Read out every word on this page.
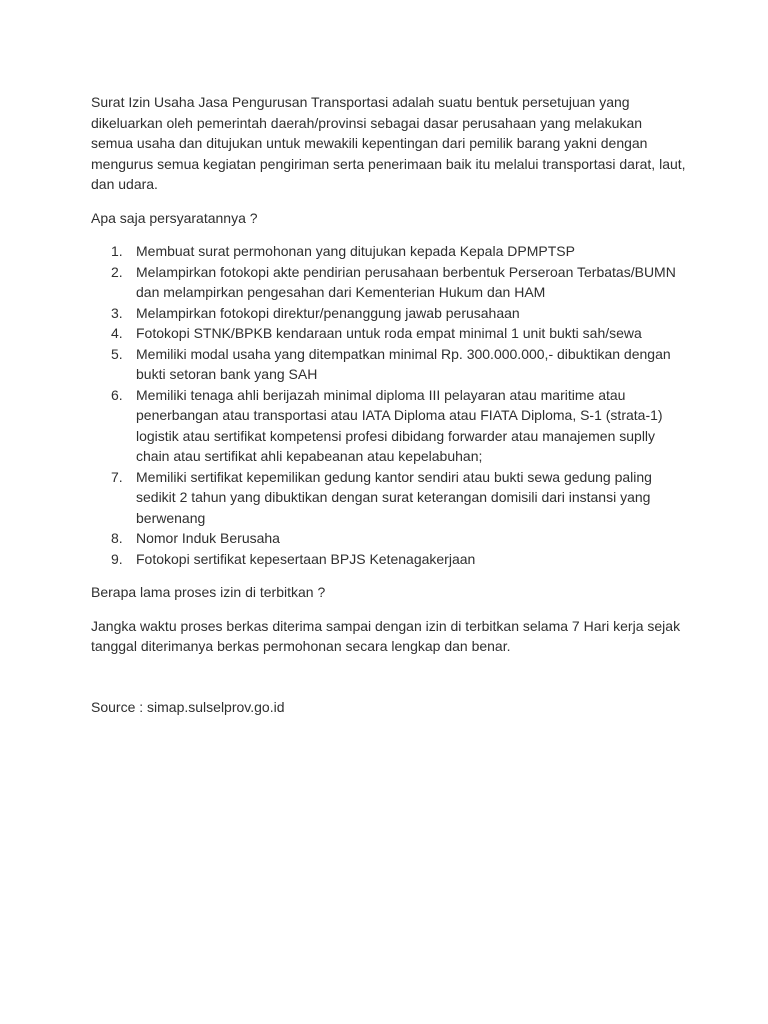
Surat Izin Usaha Jasa Pengurusan Transportasi adalah suatu bentuk persetujuan yang dikeluarkan oleh pemerintah daerah/provinsi sebagai dasar perusahaan yang melakukan semua usaha dan ditujukan untuk mewakili kepentingan dari pemilik barang yakni dengan mengurus semua kegiatan pengiriman serta penerimaan baik itu melalui transportasi darat, laut, dan udara.

Apa saja persyaratannya ?

1. Membuat surat permohonan yang ditujukan kepada Kepala DPMPTSP
2. Melampirkan fotokopi akte pendirian perusahaan berbentuk Perseroan Terbatas/BUMN dan melampirkan pengesahan dari Kementerian Hukum dan HAM
3. Melampirkan fotokopi direktur/penanggung jawab perusahaan
4. Fotokopi STNK/BPKB kendaraan untuk roda empat minimal 1 unit bukti sah/sewa
5. Memiliki modal usaha yang ditempatkan minimal Rp. 300.000.000,- dibuktikan dengan bukti setoran bank yang SAH
6. Memiliki tenaga ahli berijazah minimal diploma III pelayaran atau maritime atau penerbangan atau transportasi atau IATA Diploma atau FIATA Diploma, S-1 (strata-1) logistik atau sertifikat kompetensi profesi dibidang forwarder atau manajemen suplly chain atau sertifikat ahli kepabeanan atau kepelabuhan;
7. Memiliki sertifikat kepemilikan gedung kantor sendiri atau bukti sewa gedung paling sedikit 2 tahun yang dibuktikan dengan surat keterangan domisili dari instansi yang berwenang
8. Nomor Induk Berusaha
9. Fotokopi sertifikat kepesertaan BPJS Ketenagakerjaan

Berapa lama proses izin di terbitkan ?

Jangka waktu proses berkas diterima sampai dengan izin di terbitkan selama 7 Hari kerja sejak tanggal diterimanya berkas permohonan secara lengkap dan benar.

Source : simap.sulselprov.go.id
